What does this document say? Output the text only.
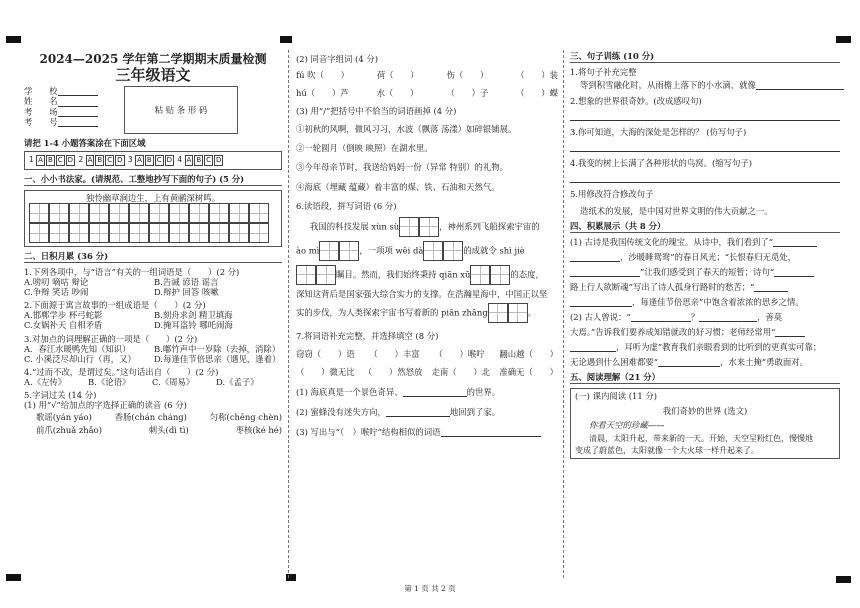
2024—2025 学年第二学期期末质量检测
三年级语文
学　　校
姓　　名
考　　场
考　　号
粘 贴 条 形 码
请把 1-4 小题答案涂在下面区域
1 A B C D 2 A B C D 3 A B C D 4 A B C D
一、小小书法家。(请规范、工整地抄写下面的句子) (5 分)
独怜幽草涧边生，上有黄鹂深树鸣。

二、日积月累 (36 分)
1.下列各项中，与“语言”有关的一组词语是（　　）(2 分)
A.唠叨 嘀咕 辩论	B.告诫 谚语 谣言
C.争辩 笑话 吵闹	D.辩护 回答 咳嗽
2.下面源于寓言故事的一组成语是（　　）(2 分)
A.邯郸学步 杯弓蛇影	B.刻舟求剑 精卫填海
C.女娲补天 自相矛盾	D.掩耳盗铃 哪吒闹海
3.对加点的词理解正确的一项是（　　）(2 分)
A．春江水暖鸭先知（知识）	B.嘟竹声中一岁除（去掉，消除）
C. 小溪泛尽却山行（再，又）	D.每逢佳节倍思亲（遇见，逢着）
4.“过而不改，是谓过矣。”这句话出自（　　）(2 分)
A.《左传》	B.《论语》	C.《周易》	D.《孟子》
5.字词过关 (14 分)
(1) 用“√”给加点的字选择正确的读音 (6 分)
歌谣(yán yáo)	香肠(chán cháng)	匀称(chēng chèn)
前爪(zhuǎ zhǎo)	刺头(dì tì)	枣核(ké hé)
(2) 同音字组词 (4 分)
fú 吹（　　）	荷（　　）	伤（　　）	（　　）装
hú（　　）芦	水（　　）	（　　）子	（　　）蝶
(3) 用“/”把括号中不恰当的词语画掉 (4 分)
①初秋的风啊，微风习习，水波（飘落 荡漾）如碎银铺展。
②一轮圆月（倒映 映照）在湖水里。
③今年母亲节时，我送给妈妈一份（异常 特别）的礼物。
④海底（埋藏 蕴藏）着丰富的煤、铁、石油和天然气。
6.读语段，拼写词语 (6 分)
我国的科技发展 xùn sù	，神州系列飞船探索宇宙的
ào mì	，一项项 wěi dà	的成就令 shì jiè
瞩目。然而，我们始终秉持 qiān xū	的态度，
深知这背后是国家强大综合实力的支撑。在浩瀚星海中，中国正以坚
实的步伐，为人类探索宇宙书写着新的 piān zhāng	。
7.将词语补充完整，并选择填空 (8 分)
窃窃（　　）语 （　　）丰富 （　　）喉咛 翻山越（　　）
（　　）微无比 （　　）然怒放 走南（　　）北 准确无（　　）
(1) 海底真是一个景色奇异、	的世界。
(2) 蜜蜂没有迷失方向，	地回到了家。
(3) 写出与“（　）喉咛”结构相似的词语
三、句子训练 (10 分)
1.将句子补充完整
等到积雪融化时，从雨檐上落下的小水滴，就像
2.想象的世界很奇妙。(改成感叹句)
3.你可知道，大海的深处是怎样的？ (仿写句子)
4.我变的树上长满了各种形状的鸟窝。(缩写句子)
5.用修改符合修改句子
造纸术的发展，是中国对世界文明的伟大贡献之一。
四、积累展示（共 8 分）
(1) 古诗是我国传统文化的瑰宝。从诗中，我们看到了“
，沙暖睡鸳鸯”的春日风光；“长恨春归无觅处，
”让我们感受到了春天的短暂；诗句“
路上行人欲断魂”写出了诗人孤身行路时的愁苦；“
，每逢佳节倍思亲”中饱含着浓浓的思乡之情。
(2) 古人曾说：“	？	，善莫
大焉。”告诉我们要养成知错就改的好习惯；老师经常用“
，耳听为虚”教育我们亲眼看到的比听到的更真实可靠；
无论遇到什么困难都要“	，水来土掩”勇敢面对。
五、阅读理解（21 分）
(一) 课内阅读 (11 分)
我们奇妙的世界 (选文)
你看天空的珍藏——
清晨，太阳升起，带来新的一天。开始，天空呈粉红色，慢慢地
变成了蔚蓝色，太阳就像一个大火球一样升起来了。
第 1 页 共 2 页
